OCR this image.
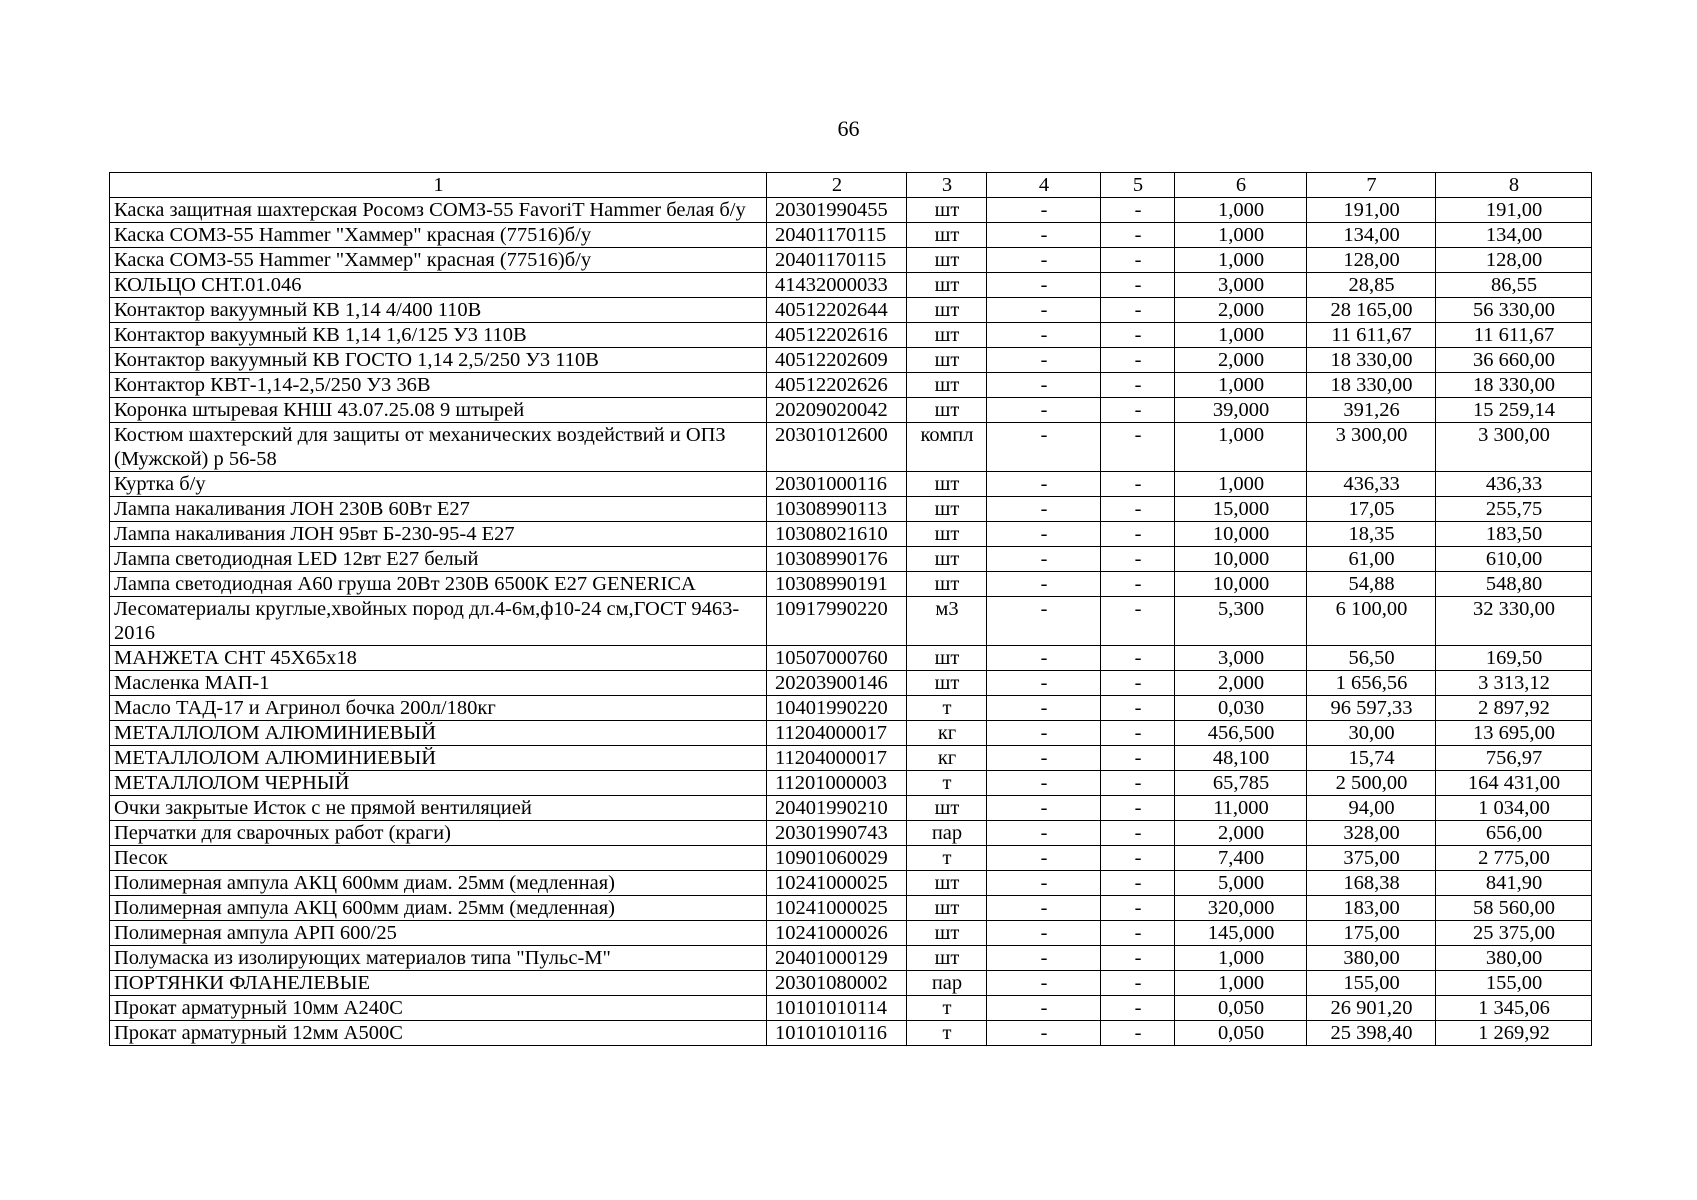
66
1	2	3	4	5	6	7	8
Каска защитная шахтерская Росомз СОМЗ-55 FavoriT Hammer белая б/у	20301990455	шт	-	-	1,000	191,00	191,00
Каска СОМЗ-55 Hammer "Хаммер" красная (77516)б/у	20401170115	шт	-	-	1,000	134,00	134,00
Каска СОМЗ-55 Hammer "Хаммер" красная (77516)б/у	20401170115	шт	-	-	1,000	128,00	128,00
КОЛЬЦО СНТ.01.046	41432000033	шт	-	-	3,000	28,85	86,55
Контактор вакуумный КВ 1,14 4/400 110В	40512202644	шт	-	-	2,000	28 165,00	56 330,00
Контактор вакуумный КВ 1,14 1,6/125 У3 110В	40512202616	шт	-	-	1,000	11 611,67	11 611,67
Контактор вакуумный КВ ГОСТО 1,14 2,5/250 У3 110В	40512202609	шт	-	-	2,000	18 330,00	36 660,00
Контактор КВТ-1,14-2,5/250 У3 36В	40512202626	шт	-	-	1,000	18 330,00	18 330,00
Коронка штыревая КНШ 43.07.25.08 9 штырей	20209020042	шт	-	-	39,000	391,26	15 259,14
Костюм шахтерский для защиты от механических воздействий и ОПЗ (Мужской) р 56-58	20301012600	компл	-	-	1,000	3 300,00	3 300,00
Куртка б/у	20301000116	шт	-	-	1,000	436,33	436,33
Лампа накаливания ЛОН 230В 60Вт Е27	10308990113	шт	-	-	15,000	17,05	255,75
Лампа накаливания ЛОН 95вт Б-230-95-4 Е27	10308021610	шт	-	-	10,000	18,35	183,50
Лампа светодиодная LED 12вт Е27 белый	10308990176	шт	-	-	10,000	61,00	610,00
Лампа светодиодная А60 груша 20Вт 230В 6500К Е27 GENERICA	10308990191	шт	-	-	10,000	54,88	548,80
Лесоматериалы круглые,хвойных пород дл.4-6м,ф10-24 см,ГОСТ 9463-2016	10917990220	м3	-	-	5,300	6 100,00	32 330,00
МАНЖЕТА СНТ 45Х65х18	10507000760	шт	-	-	3,000	56,50	169,50
Масленка МАП-1	20203900146	шт	-	-	2,000	1 656,56	3 313,12
Масло ТАД-17 и Агринол бочка 200л/180кг	10401990220	т	-	-	0,030	96 597,33	2 897,92
МЕТАЛЛОЛОМ АЛЮМИНИЕВЫЙ	11204000017	кг	-	-	456,500	30,00	13 695,00
МЕТАЛЛОЛОМ АЛЮМИНИЕВЫЙ	11204000017	кг	-	-	48,100	15,74	756,97
МЕТАЛЛОЛОМ ЧЕРНЫЙ	11201000003	т	-	-	65,785	2 500,00	164 431,00
Очки закрытые Исток с не прямой вентиляцией	20401990210	шт	-	-	11,000	94,00	1 034,00
Перчатки для сварочных работ (краги)	20301990743	пар	-	-	2,000	328,00	656,00
Песок	10901060029	т	-	-	7,400	375,00	2 775,00
Полимерная ампула АКЦ 600мм диам. 25мм (медленная)	10241000025	шт	-	-	5,000	168,38	841,90
Полимерная ампула АКЦ 600мм диам. 25мм (медленная)	10241000025	шт	-	-	320,000	183,00	58 560,00
Полимерная ампула АРП 600/25	10241000026	шт	-	-	145,000	175,00	25 375,00
Полумаска из изолирующих материалов типа "Пульс-М"	20401000129	шт	-	-	1,000	380,00	380,00
ПОРТЯНКИ ФЛАНЕЛЕВЫЕ	20301080002	пар	-	-	1,000	155,00	155,00
Прокат арматурный 10мм А240С	10101010114	т	-	-	0,050	26 901,20	1 345,06
Прокат арматурный 12мм А500С	10101010116	т	-	-	0,050	25 398,40	1 269,92
